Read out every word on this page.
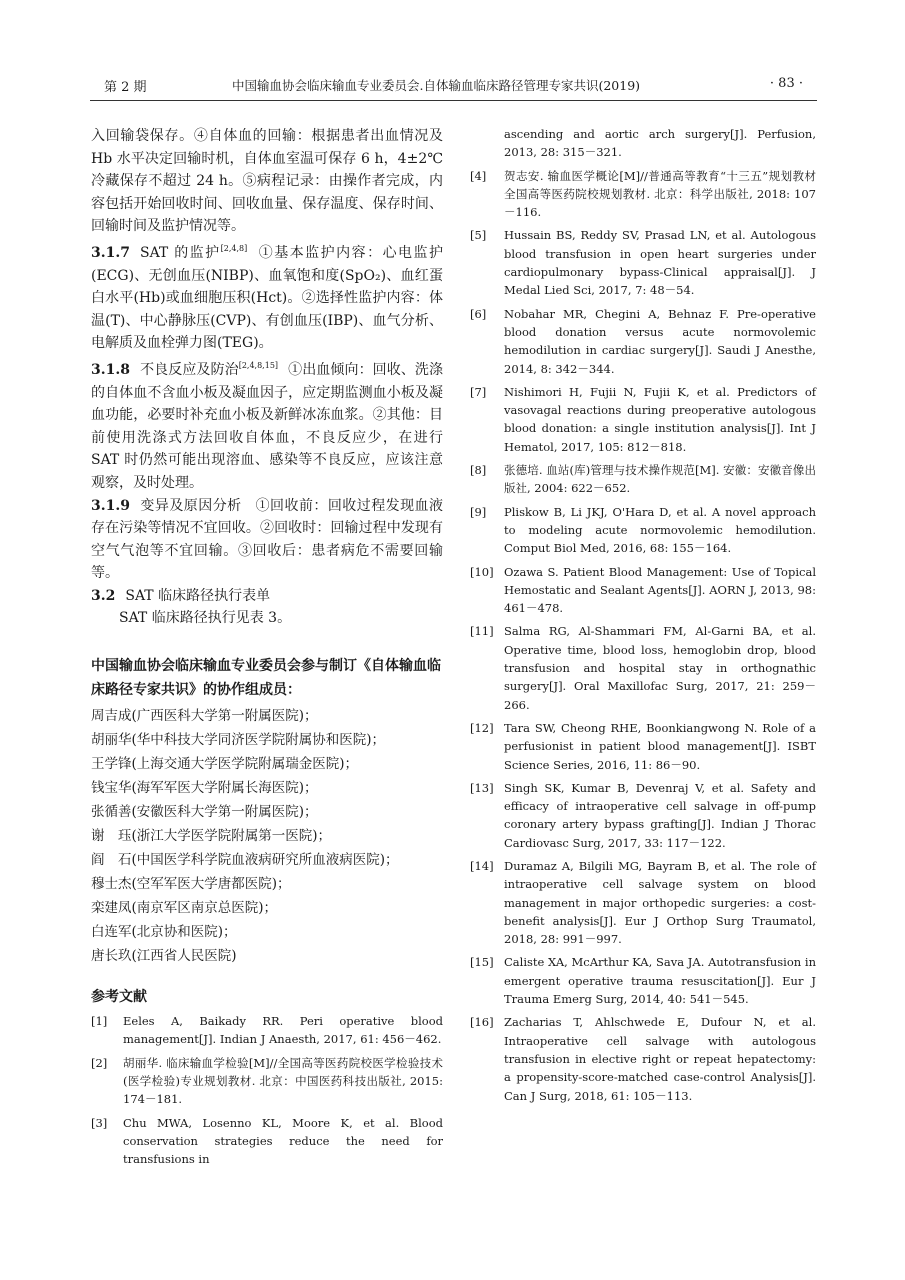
第 2 期	中国输血协会临床输血专业委员会.自体输血临床路径管理专家共识(2019)	· 83 ·

入回输袋保存。④自体血的回输：根据患者出血情况及 Hb 水平决定回输时机，自体血室温可保存 6 h，4±2℃冷藏保存不超过 24 h。⑤病程记录：由操作者完成，内容包括开始回收时间、回收血量、保存温度、保存时间、回输时间及监护情况等。

3.1.7 SAT 的监护[2,4,8] ①基本监护内容：心电监护(ECG)、无创血压(NIBP)、血氧饱和度(SpO₂)、血红蛋白水平(Hb)或血细胞压积(Hct)。②选择性监护内容：体温(T)、中心静脉压(CVP)、有创血压(IBP)、血气分析、电解质及血栓弹力图(TEG)。

3.1.8 不良反应及防治[2,4,8,15] ①出血倾向：回收、洗涤的自体血不含血小板及凝血因子，应定期监测血小板及凝血功能，必要时补充血小板及新鲜冰冻血浆。②其他：目前使用洗涤式方法回收自体血，不良反应少，在进行 SAT 时仍然可能出现溶血、感染等不良反应，应该注意观察，及时处理。

3.1.9 变异及原因分析 ①回收前：回收过程发现血液存在污染等情况不宜回收。②回收时：回输过程中发现有空气气泡等不宜回输。③回收后：患者病危不需要回输等。

3.2 SAT 临床路径执行表单

SAT 临床路径执行见表 3。

中国输血协会临床输血专业委员会参与制订《自体输血临床路径专家共识》的协作组成员：

周吉成(广西医科大学第一附属医院)；
胡丽华(华中科技大学同济医学院附属协和医院)；
王学锋(上海交通大学医学院附属瑞金医院)；
钱宝华(海军军医大学附属长海医院)；
张循善(安徽医科大学第一附属医院)；
谢　珏(浙江大学医学院附属第一医院)；
阎　石(中国医学科学院血液病研究所血液病医院)；
穆士杰(空军军医大学唐都医院)；
栾建凤(南京军区南京总医院)；
白连军(北京协和医院)；
唐长玖(江西省人民医院)
参考文献
[1]	Eeles A, Baikady RR. Peri operative blood management[J]. Indian J Anaesth, 2017, 61: 456－462.
[2]	胡丽华. 临床输血学检验[M]//全国高等医药院校医学检验技术(医学检验)专业规划教材. 北京：中国医药科技出版社, 2015: 174－181.
[3]	Chu MWA, Losenno KL, Moore K, et al. Blood conservation strategies reduce the need for transfusions in
ascending and aortic arch surgery[J]. Perfusion, 2013, 28: 315－321.
[4]	贺志安. 输血医学概论[M]//普通高等教育“十三五”规划教材全国高等医药院校规划教材. 北京：科学出版社, 2018: 107－116.
[5]	Hussain BS, Reddy SV, Prasad LN, et al. Autologous blood transfusion in open heart surgeries under cardiopulmonary bypass-Clinical appraisal[J]. J Medal Lied Sci, 2017, 7: 48－54.
[6]	Nobahar MR, Chegini A, Behnaz F. Pre-operative blood donation versus acute normovolemic hemodilution in cardiac surgery[J]. Saudi J Anesthe, 2014, 8: 342－344.
[7]	Nishimori H, Fujii N, Fujii K, et al. Predictors of vasovagal reactions during preoperative autologous blood donation: a single institution analysis[J]. Int J Hematol, 2017, 105: 812－818.
[8]	张德培. 血站(库)管理与技术操作规范[M]. 安徽：安徽音像出版社, 2004: 622－652.
[9]	Pliskow B, Li JKJ, O'Hara D, et al. A novel approach to modeling acute normovolemic hemodilution. Comput Biol Med, 2016, 68: 155－164.
[10] Ozawa S. Patient Blood Management: Use of Topical Hemostatic and Sealant Agents[J]. AORN J, 2013, 98: 461－478.
[11] Salma RG, Al-Shammari FM, Al-Garni BA, et al. Operative time, blood loss, hemoglobin drop, blood transfusion and hospital stay in orthognathic surgery[J]. Oral Maxillofac Surg, 2017, 21: 259－266.
[12] Tara SW, Cheong RHE, Boonkiangwong N. Role of a perfusionist in patient blood management[J]. ISBT Science Series, 2016, 11: 86－90.
[13] Singh SK, Kumar B, Devenraj V, et al. Safety and efficacy of intraoperative cell salvage in off-pump coronary artery bypass grafting[J]. Indian J Thorac Cardiovasc Surg, 2017, 33: 117－122.
[14] Duramaz A, Bilgili MG, Bayram B, et al. The role of intraoperative cell salvage system on blood management in major orthopedic surgeries: a cost-benefit analysis[J]. Eur J Orthop Surg Traumatol, 2018, 28: 991－997.
[15] Caliste XA, McArthur KA, Sava JA. Autotransfusion in emergent operative trauma resuscitation[J]. Eur J Trauma Emerg Surg, 2014, 40: 541－545.
[16] Zacharias T, Ahlschwede E, Dufour N, et al. Intraoperative cell salvage with autologous transfusion in elective right or repeat hepatectomy: a propensity-score-matched case-control Analysis[J]. Can J Surg, 2018, 61: 105－113.
